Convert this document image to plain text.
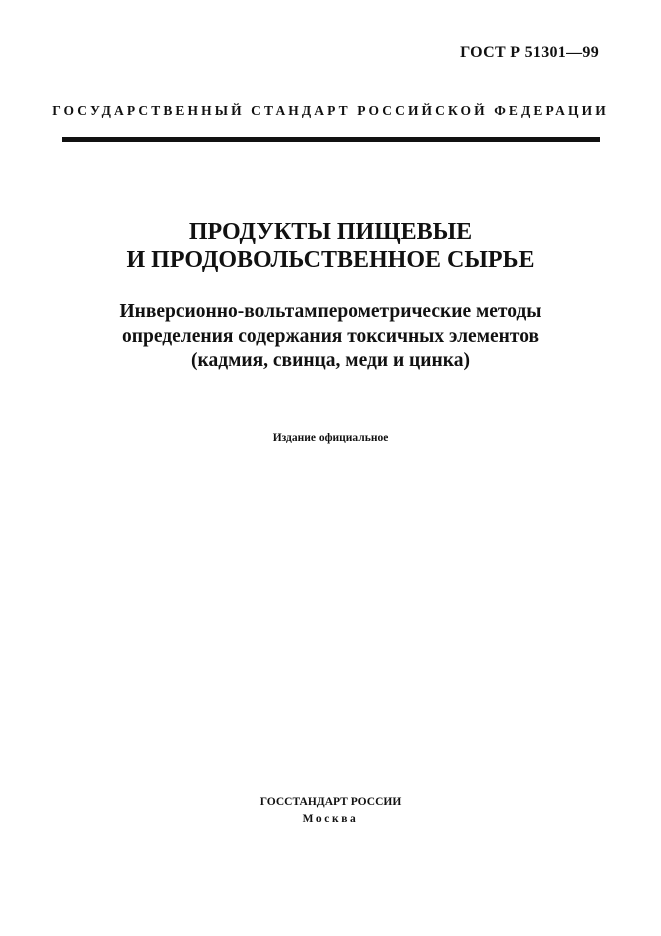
ГОСТ Р 51301—99
ГОСУДАРСТВЕННЫЙ СТАНДАРТ РОССИЙСКОЙ ФЕДЕРАЦИИ
ПРОДУКТЫ ПИЩЕВЫЕ
И ПРОДОВОЛЬСТВЕННОЕ СЫРЬЕ
Инверсионно-вольтамперометрические методы
определения содержания токсичных элементов
(кадмия, свинца, меди и цинка)
Издание официальное
ГОССТАНДАРТ РОССИИ
Москва
